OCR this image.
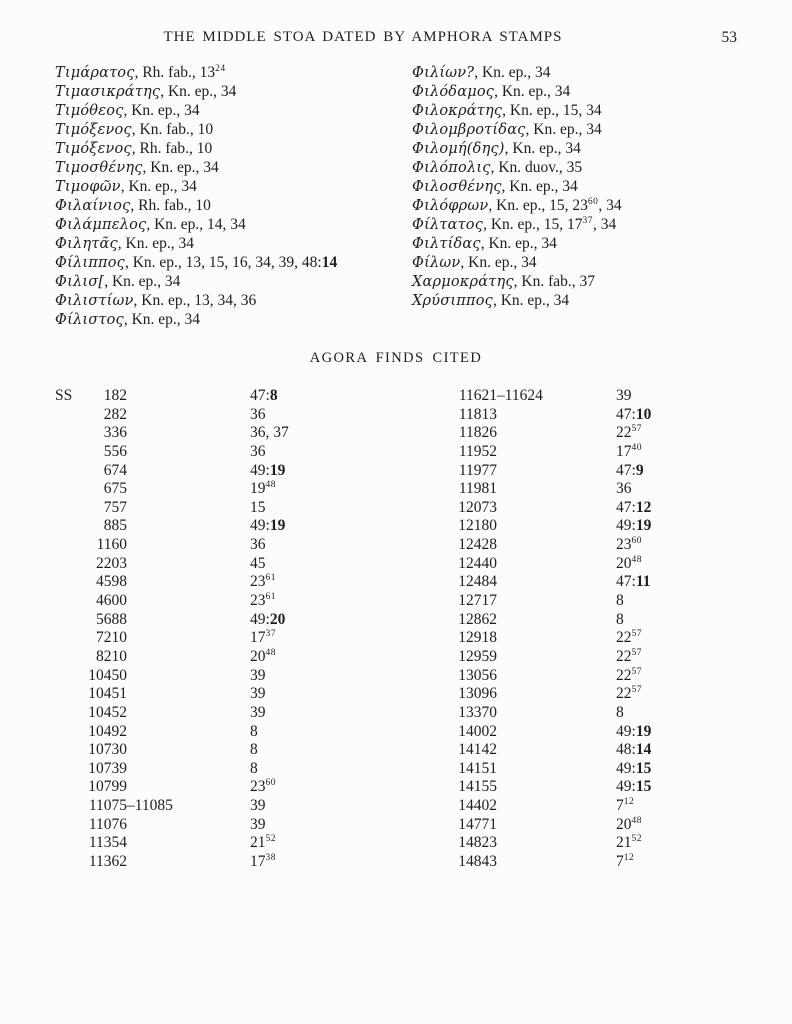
THE MIDDLE STOA DATED BY AMPHORA STAMPS	53
Τιμάρατος, Rh. fab., $13^{24}$
Τιμασικράτης, Kn. ep., 34
Τιμόθεος, Kn. ep., 34
Τιμόξενος, Kn. fab., 10
Τιμόξενος, Rh. fab., 10
Τιμοσθένης, Kn. ep., 34
Τιμοφῶν, Kn. ep., 34
Φιλαίνιος, Rh. fab., 10
Φιλάμπελος, Kn. ep., 14, 34
Φιλητᾶς, Kn. ep., 34
Φίλιππος, Kn. ep., 13, 15, 16, 34, 39, 48:14
Φιλισ[, Kn. ep., 34
Φιλιστίων, Kn. ep., 13, 34, 36
Φίλιστος, Kn. ep., 34
Φιλίων?, Kn. ep., 34
Φιλόδαμος, Kn. ep., 34
Φιλοκράτης, Kn. ep., 15, 34
Φιλομβροτίδας, Kn. ep., 34
Φιλομή(δης), Kn. ep., 34
Φιλόπολις, Kn. duov., 35
Φιλοσθένης, Kn. ep., 34
Φιλόφρων, Kn. ep., 15, $23^{60}$, 34
Φίλτατος, Kn. ep., 15, $17^{37}$, 34
Φιλτίδας, Kn. ep., 34
Φίλων, Kn. ep., 34
Χαρμοκράτης, Kn. fab., 37
Χρύσιππος, Kn. ep., 34
AGORA FINDS CITED
SS	182	47:8
282	36
336	36, 37
556	36
674	49:19
675	$19^{48}$
757	15
885	49:19
1160	36
2203	45
4598	$23^{61}$
4600	$23^{61}$
5688	49:20
7210	$17^{37}$
8210	$20^{48}$
10450	39
10451	39
10452	39
10492	8
10730	8
10739	8
10799	$23^{60}$
11075 –11085	39
11076	39
11354	$21^{52}$
11362	$17^{38}$
11621 –11624	39
11813	47:10
11826	$22^{57}$
11952	$17^{40}$
11977	47:9
11981	36
12073	47:12
12180	49:19
12428	$23^{60}$
12440	$20^{48}$
12484	47:11
12717	8
12862	8
12918	$22^{57}$
12959	$22^{57}$
13056	$22^{57}$
13096	$22^{57}$
13370	8
14002	49:19
14142	48:14
14151	49:15
14155	49:15
14402	$7^{12}$
14771	$20^{48}$
14823	$21^{52}$
14843	$7^{12}$
